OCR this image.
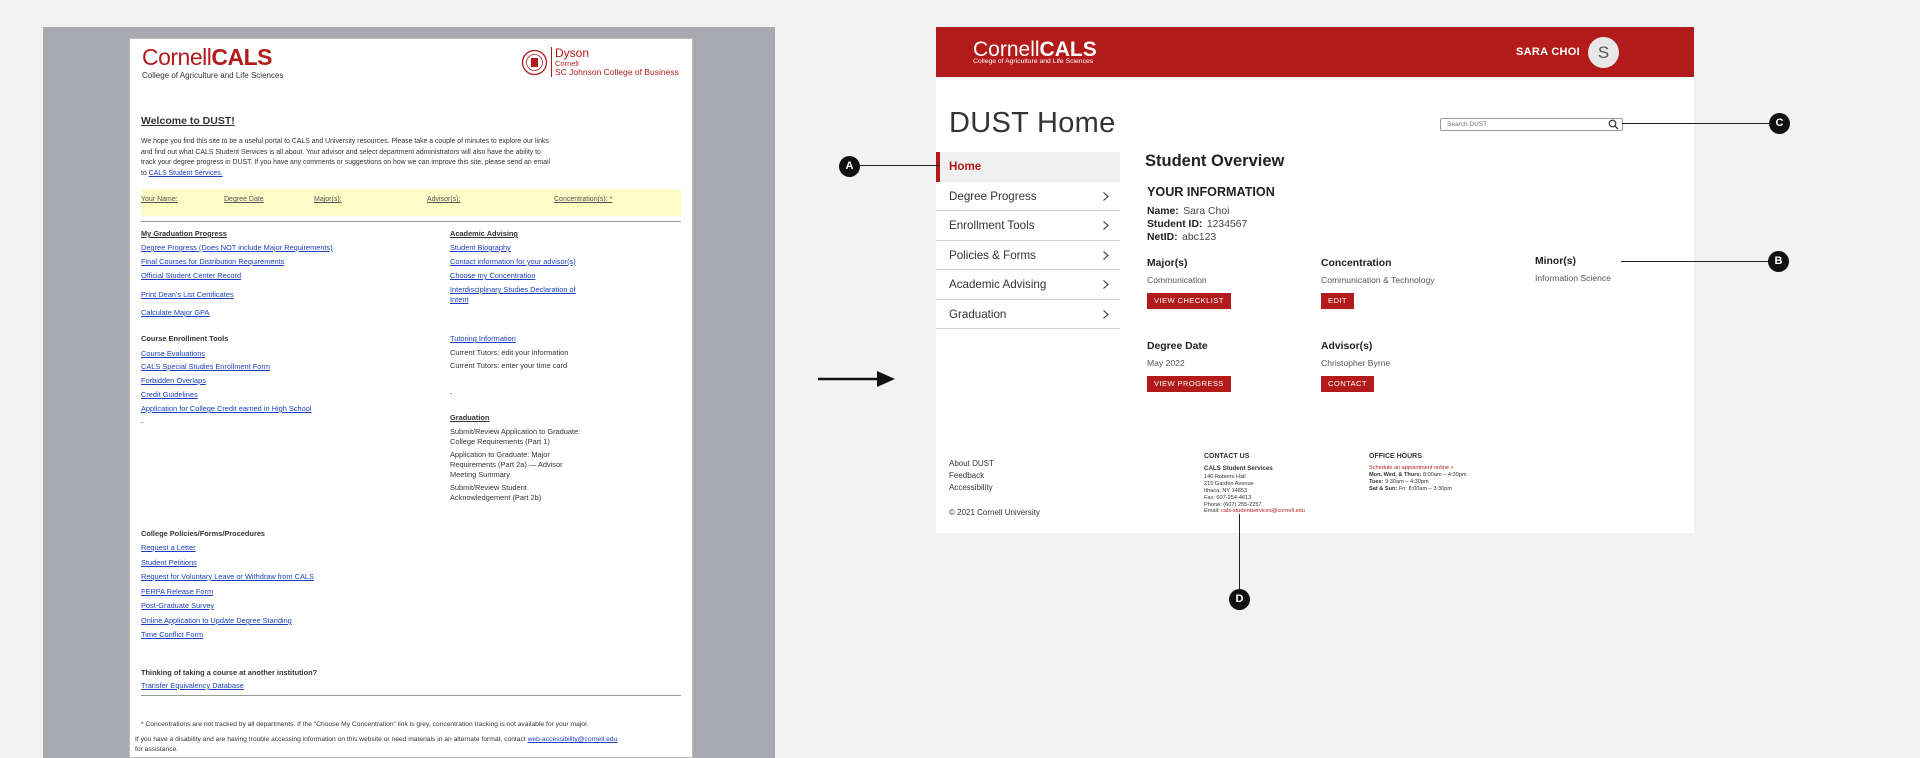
CornellCALS
College of Agriculture and Life Sciences
Dyson
Cornell
SC Johnson College of Business
Welcome to DUST!
We hope you find this site to be a useful portal to CALS and University resources. Please take a couple of minutes to explore our links
and find out what CALS Student Services is all about. Your advisor and select department administrators will also have the ability to
track your degree progress in DUST. If you have any comments or suggestions on how we can improve this site, please send an email
to CALS Student Services.
Your Name:	Degree Date	Major(s):	Advisor(s):	Concentration(s): *
My Graduation Progress
Degree Progress (Does NOT include Major Requirements)
Final Courses for Distribution Requirements
Official Student Center Record
Print Dean's List Certificates
Calculate Major GPA
Course Enrollment Tools
Course Evaluations
CALS Special Studies Enrollment Form
Forbidden Overlaps
Credit Guidelines
Application for College Credit earned in High School
-
Academic Advising
Student Biography
Contact information for your advisor(s)
Choose my Concentration
Interdisciplinary Studies Declaration of
Intent
Tutoring Information
Current Tutors: edit your information
Current Tutors: enter your time card
-
Graduation
Submit/Review Application to Graduate:
College Requirements (Part 1)
Application to Graduate: Major
Requirements (Part 2a) — Advisor
Meeting Summary
Submit/Review Student
Acknowledgement (Part 2b)
College Policies/Forms/Procedures
Request a Letter
Student Petitions
Request for Voluntary Leave or Withdraw from CALS
FERPA Release Form
Post-Graduate Survey
Online Application to Update Degree Standing
Time Conflict Form
Thinking of taking a course at another institution?
Transfer Equivalency Database
* Concentrations are not tracked by all departments. If the "Choose My Concentration" link is grey, concentration tracking is not available for your major.
If you have a disability and are having trouble accessing information on this website or need materials in an alternate format, contact web-accessibility@cornell.edu
for assistance.
CornellCALS
College of Agriculture and Life Sciences
SARA CHOI	S
DUST Home
Search DUST
Home
Degree Progress
Enrollment Tools
Policies & Forms
Academic Advising
Graduation
Student Overview
YOUR INFORMATION
Name: Sara Choi
Student ID: 1234567
NetID: abc123
Major(s)
Communication
VIEW CHECKLIST
Concentration
Communication & Technology
EDIT
Minor(s)
Information Science
Degree Date
May 2022
VIEW PROGRESS
Advisor(s)
Christopher Byrne
CONTACT
About DUST
Feedback
Accessibility
© 2021 Cornell University
CONTACT US
CALS Student Services
140 Roberts Hall
215 Garden Avenue
Ithaca, NY 14853
Fax: 607-254-4613
Phone: (607) 255-2257
Email: cals-studentservices@cornell.edu
OFFICE HOURS
Schedule an appointment online »
Mon, Wed, & Thurs: 8:00am – 4:30pm
Tues: 9:30am – 4:30pm
Sat & Sun: Fri: 8:00am – 3:30pm
A
B
C
D
